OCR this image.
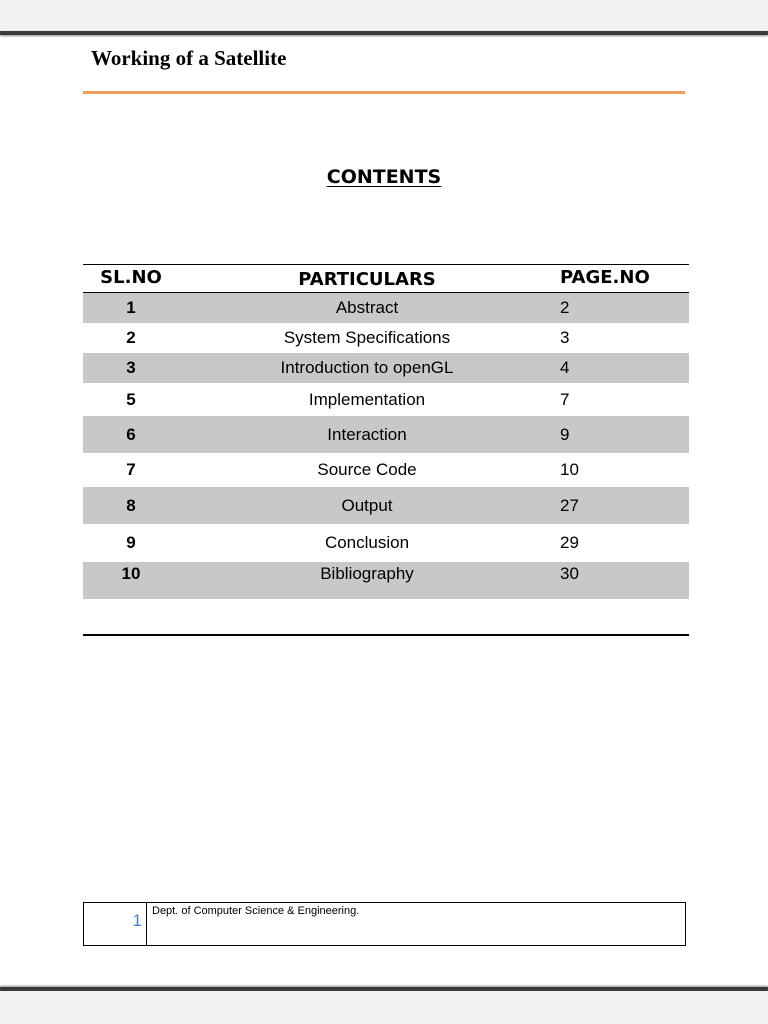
Working of a Satellite
CONTENTS
SL.NO	PARTICULARS	PAGE.NO
1	Abstract	2
2	System Specifications	3
3	Introduction to openGL	4
5	Implementation	7
6	Interaction	9
7	Source Code	10
8	Output	27
9	Conclusion	29
10	Bibliography	30
1 Dept. of Computer Science & Engineering.
